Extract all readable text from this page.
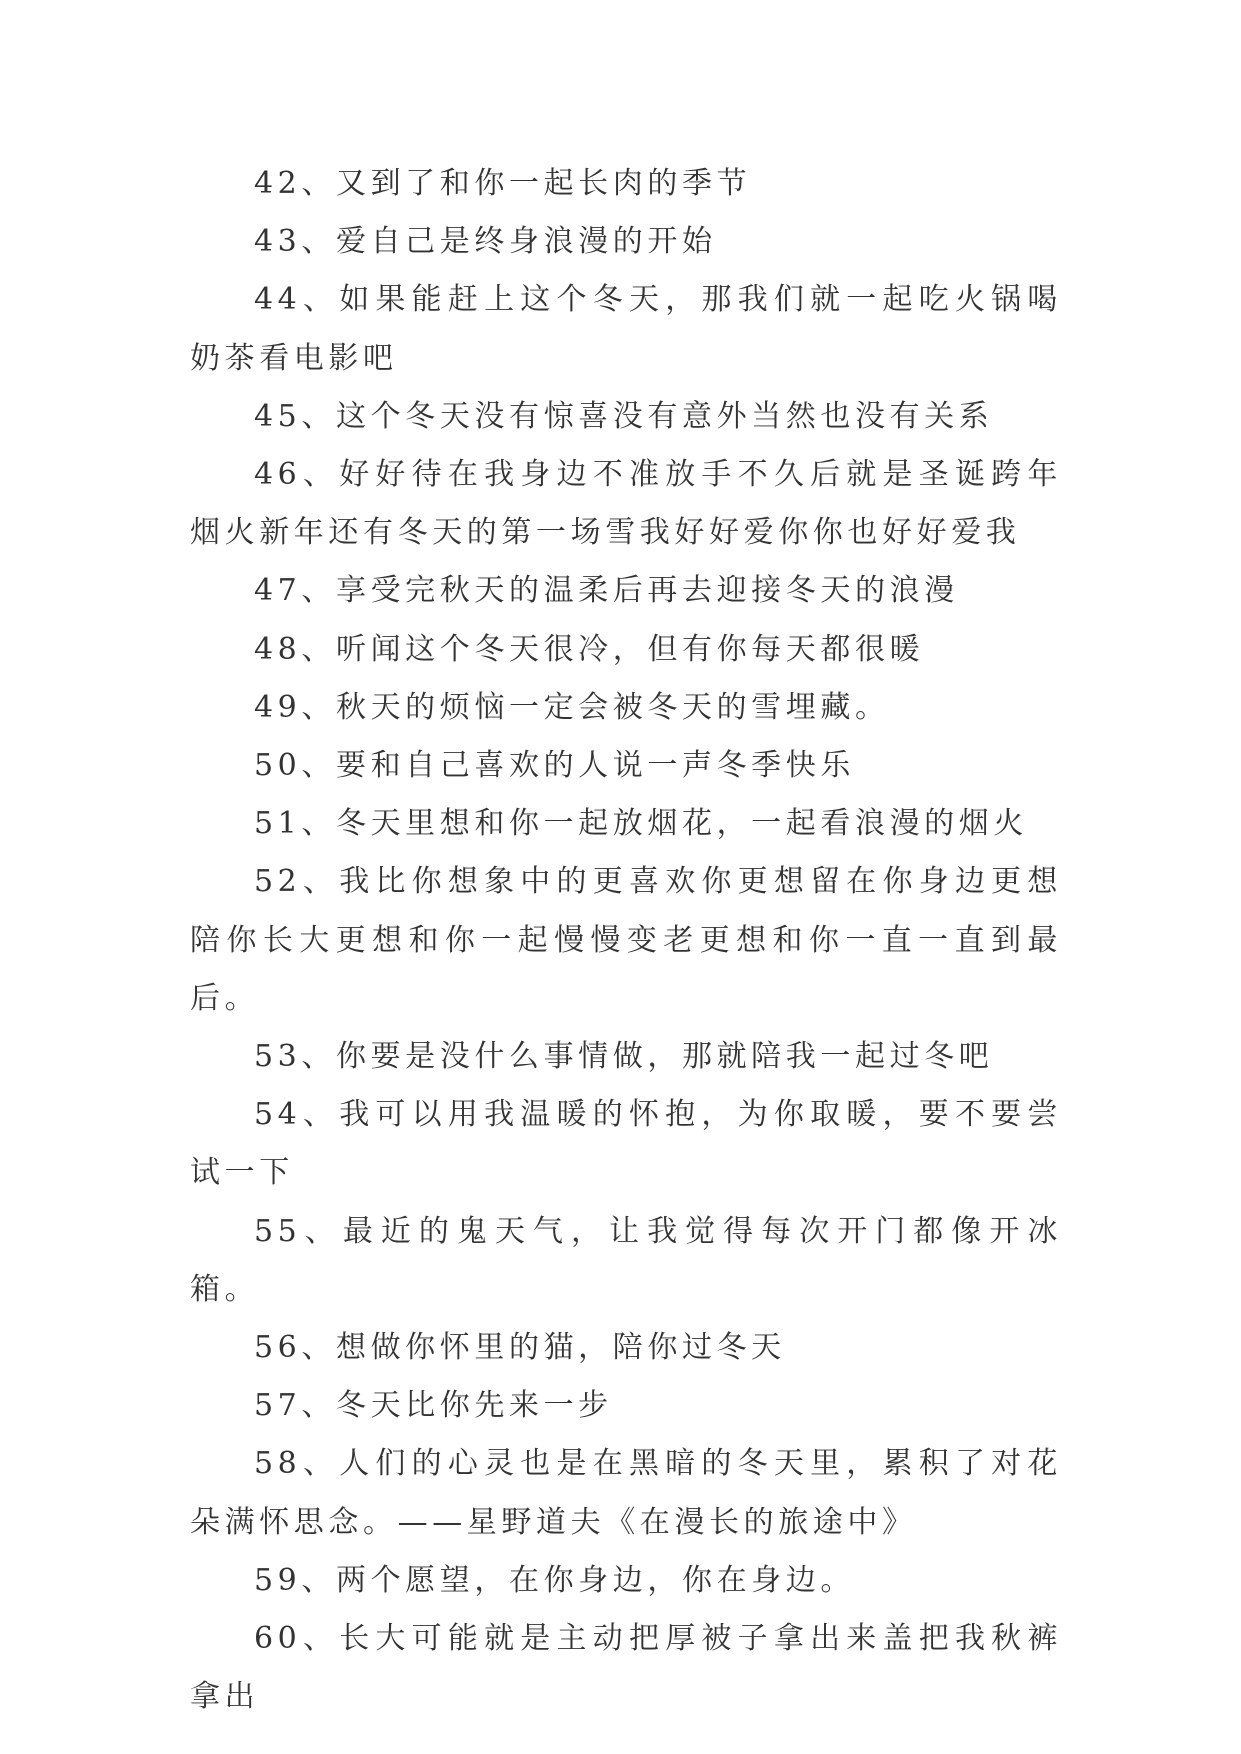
42、又到了和你一起长肉的季节

43、爱自己是终身浪漫的开始

44、如果能赶上这个冬天，那我们就一起吃火锅喝奶茶看电影吧

45、这个冬天没有惊喜没有意外当然也没有关系

46、好好待在我身边不准放手不久后就是圣诞跨年烟火新年还有冬天的第一场雪我好好爱你你也好好爱我

47、享受完秋天的温柔后再去迎接冬天的浪漫

48、听闻这个冬天很冷，但有你每天都很暖

49、秋天的烦恼一定会被冬天的雪埋藏。

50、要和自己喜欢的人说一声冬季快乐

51、冬天里想和你一起放烟花，一起看浪漫的烟火

52、我比你想象中的更喜欢你更想留在你身边更想陪你长大更想和你一起慢慢变老更想和你一直一直到最后。

53、你要是没什么事情做，那就陪我一起过冬吧

54、我可以用我温暖的怀抱，为你取暖，要不要尝试一下

55、最近的鬼天气，让我觉得每次开门都像开冰箱。

56、想做你怀里的猫，陪你过冬天

57、冬天比你先来一步

58、人们的心灵也是在黑暗的冬天里，累积了对花朵满怀思念。——星野道夫《在漫长的旅途中》

59、两个愿望，在你身边，你在身边。

60、长大可能就是主动把厚被子拿出来盖把我秋裤拿出
